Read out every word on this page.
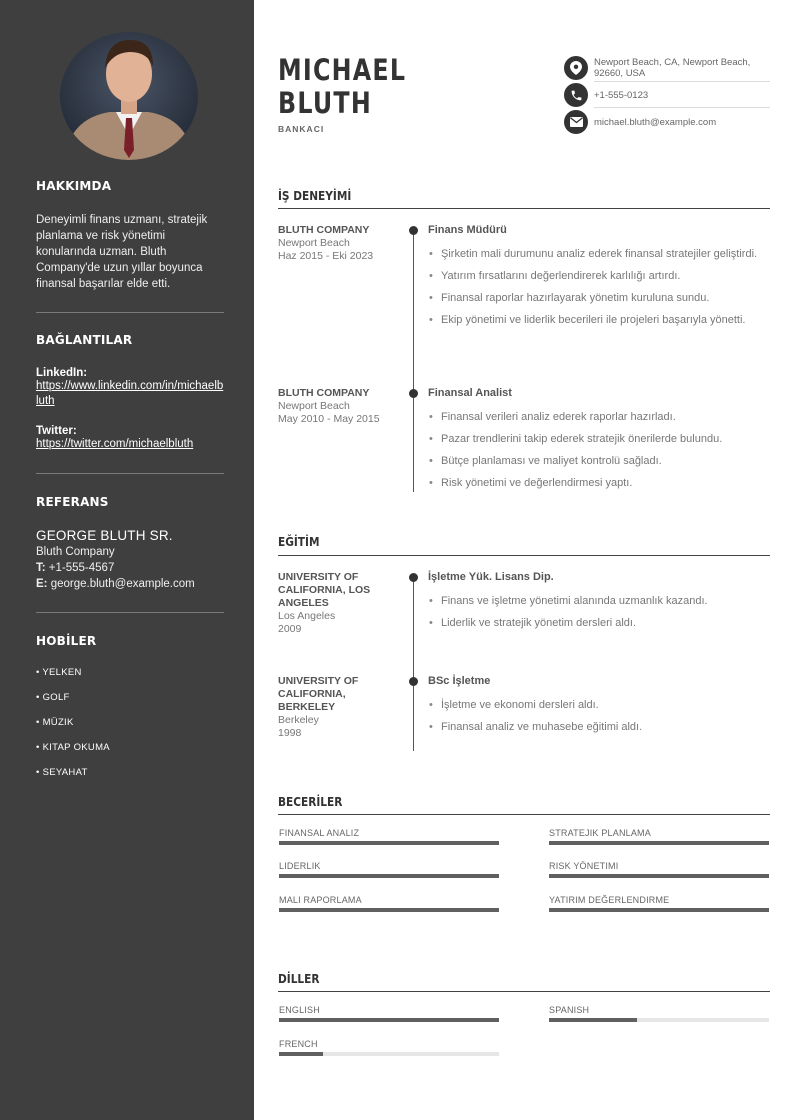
HAKKIMDA
Deneyimli finans uzmanı, stratejik planlama ve risk yönetimi konularında uzman. Bluth Company'de uzun yıllar boyunca finansal başarılar elde etti.
BAĞLANTILAR
LinkedIn:
https://www.linkedin.com/in/michaelbluth
Twitter:
https://twitter.com/michaelbluth
REFERANS
GEORGE BLUTH SR.
Bluth Company
T: +1-555-4567
E: george.bluth@example.com
HOBİLER
• YELKEN
• GOLF
• MÜZIK
• KITAP OKUMA
• SEYAHAT
MICHAEL
BLUTH
BANKACI
Newport Beach, CA, Newport Beach, 92660, USA
+1-555-0123
michael.bluth@example.com
İŞ DENEYİMİ
BLUTH COMPANY
Newport Beach
Haz 2015 - Eki 2023
Finans Müdürü
• Şirketin mali durumunu analiz ederek finansal stratejiler geliştirdi.
• Yatırım fırsatlarını değerlendirerek karlılığı artırdı.
• Finansal raporlar hazırlayarak yönetim kuruluna sundu.
• Ekip yönetimi ve liderlik becerileri ile projeleri başarıyla yönetti.
BLUTH COMPANY
Newport Beach
May 2010 - May 2015
Finansal Analist
• Finansal verileri analiz ederek raporlar hazırladı.
• Pazar trendlerini takip ederek stratejik önerilerde bulundu.
• Bütçe planlaması ve maliyet kontrolü sağladı.
• Risk yönetimi ve değerlendirmesi yaptı.
EĞİTİM
UNIVERSITY OF CALIFORNIA, LOS ANGELES
Los Angeles
2009
İşletme Yük. Lisans Dip.
• Finans ve işletme yönetimi alanında uzmanlık kazandı.
• Liderlik ve stratejik yönetim dersleri aldı.
UNIVERSITY OF CALIFORNIA, BERKELEY
Berkeley
1998
BSc İşletme
• İşletme ve ekonomi dersleri aldı.
• Finansal analiz ve muhasebe eğitimi aldı.
BECERİLER
FINANSAL ANALIZ	STRATEJIK PLANLAMA
LIDERLIK	RISK YÖNETIMI
MALI RAPORLAMA	YATIRIM DEĞERLENDIRME
DİLLER
ENGLISH	SPANISH
FRENCH
